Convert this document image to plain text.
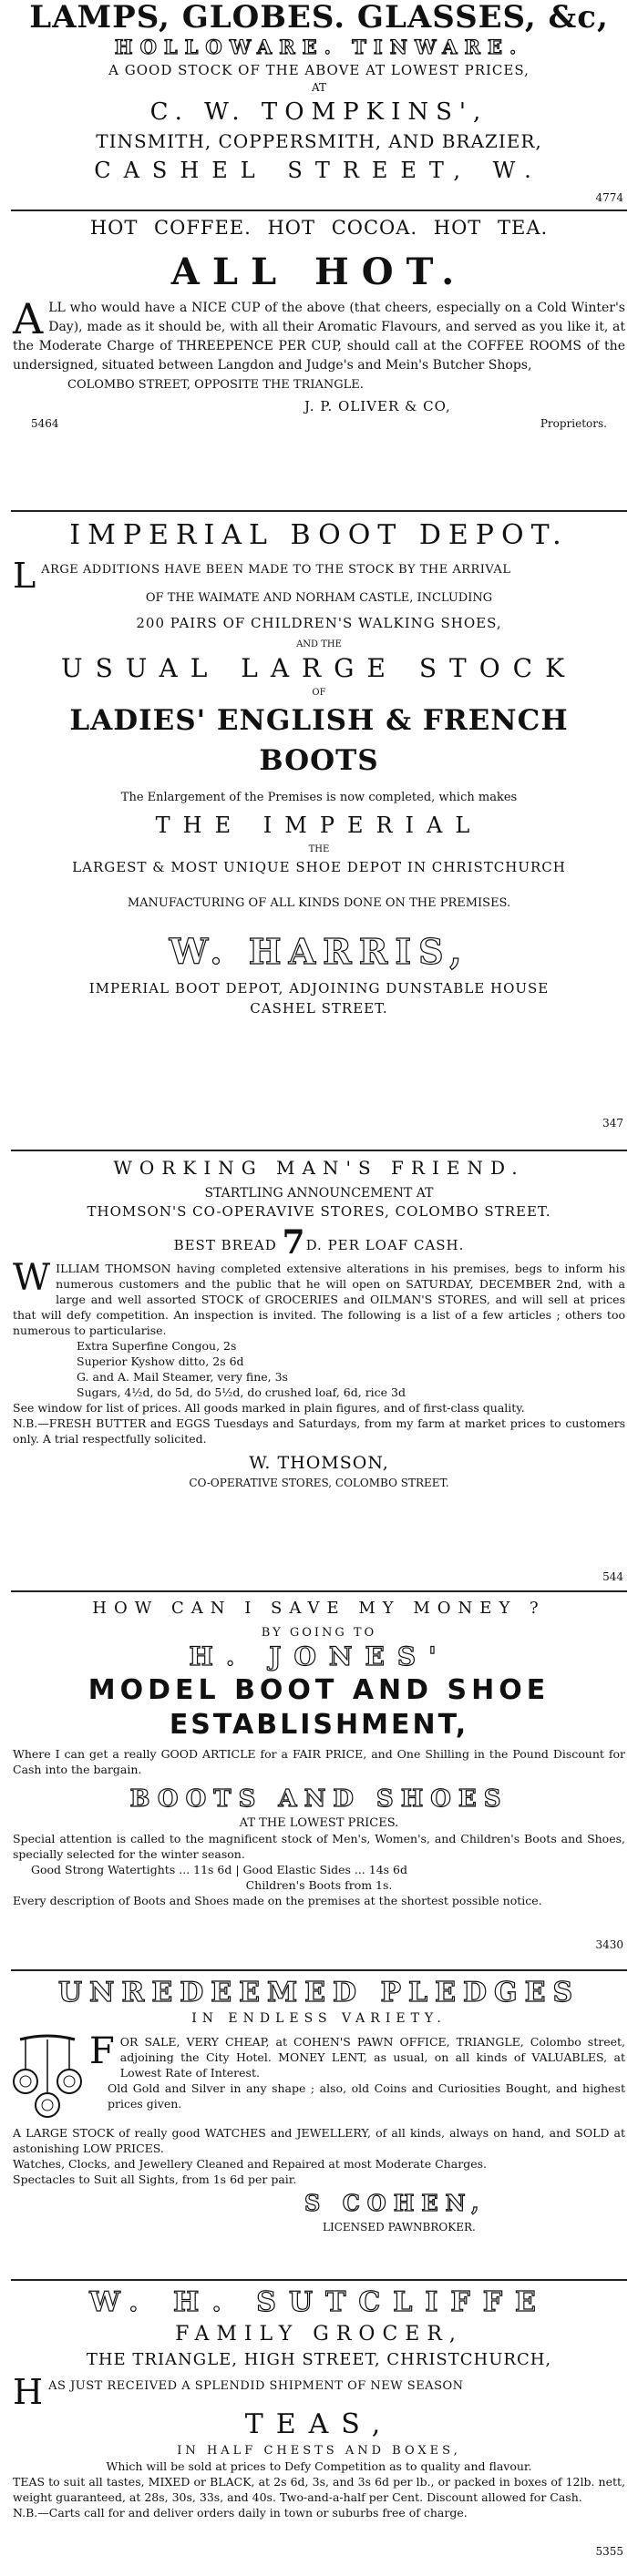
LAMPS, GLOBES. GLASSES, &c,
HOLLOWARE. TINWARE.
A GOOD STOCK OF THE ABOVE AT LOWEST PRICES,
AT
C. W. TOMPKINS',
TINSMITH, COPPERSMITH, AND BRAZIER,
CASHEL STREET, W.
4774
HOT COFFEE. HOT COCOA. HOT TEA.
ALL HOT.
A LL who would have a NICE CUP of the above (that cheers, especially on a Cold Winter's Day), made as it should be, with all their Aromatic Flavours, and served as you like it, at the Moderate Charge of THREEPENCE PER CUP, should call at the COFFEE ROOMS of the undersigned, situated between Langdon and Judge's and Mein's Butcher Shops,
COLOMBO STREET, OPPOSITE THE TRIANGLE.
J. P. OLIVER & CO,
5464	Proprietors.
IMPERIAL BOOT DEPOT.
L ARGE ADDITIONS HAVE BEEN MADE TO THE STOCK BY THE ARRIVAL
OF THE WAIMATE AND NORHAM CASTLE, INCLUDING
200 PAIRS OF CHILDREN'S WALKING SHOES,
AND THE
USUAL LARGE STOCK
OF
LADIES' ENGLISH & FRENCH BOOTS
The Enlargement of the Premises is now completed, which makes
THE IMPERIAL
THE
LARGEST & MOST UNIQUE SHOE DEPOT IN CHRISTCHURCH
MANUFACTURING OF ALL KINDS DONE ON THE PREMISES.
W. HARRIS,
IMPERIAL BOOT DEPOT, ADJOINING DUNSTABLE HOUSE
CASHEL STREET.
347
WORKING MAN'S FRIEND.
STARTLING ANNOUNCEMENT AT
THOMSON'S CO-OPERAVIVE STORES, COLOMBO STREET.
BEST BREAD 7D. PER LOAF CASH.
W ILLIAM THOMSON having completed extensive alterations in his premises, begs to inform his numerous customers and the public that he will open on SATURDAY, DECEMBER 2nd, with a large and well assorted STOCK of GROCERIES and OILMAN'S STORES, and will sell at prices that will defy competition. An inspection is invited. The following is a list of a few articles ; others too numerous to particularise.
Extra Superfine Congou, 2s
Superior Kyshow ditto, 2s 6d
G. and A. Mail Steamer, very fine, 3s
Sugars, 4½d, do 5d, do 5½d, do crushed loaf, 6d, rice 3d
See window for list of prices. All goods marked in plain figures, and of first-class quality.
N.B.—FRESH BUTTER and EGGS Tuesdays and Saturdays, from my farm at market prices to customers only. A trial respectfully solicited.
W. THOMSON,
CO-OPERATIVE STORES, COLOMBO STREET.
544
HOW CAN I SAVE MY MONEY ?
BY GOING TO
H. JONES'
MODEL BOOT AND SHOE
ESTABLISHMENT,
Where I can get a really GOOD ARTICLE for a FAIR PRICE, and One Shilling in the Pound Discount for Cash into the bargain.
BOOTS AND SHOES
AT THE LOWEST PRICES.
Special attention is called to the magnificent stock of Men's, Women's, and Children's Boots and Shoes, specially selected for the winter season.
Good Strong Watertights ... 11s 6d | Good Elastic Sides ... 14s 6d
Children's Boots from 1s.
Every description of Boots and Shoes made on the premises at the shortest possible notice.
3430
UNREDEEMED PLEDGES
IN ENDLESS VARIETY.
F OR SALE, VERY CHEAP, at COHEN'S PAWN OFFICE, TRIANGLE, Colombo street, adjoining the City Hotel. MONEY LENT, as usual, on all kinds of VALUABLES, at Lowest Rate of Interest.
Old Gold and Silver in any shape ; also, old Coins and Curiosities Bought, and highest prices given.
A LARGE STOCK of really good WATCHES and JEWELLERY, of all kinds, always on hand, and SOLD at astonishing LOW PRICES.
Watches, Clocks, and Jewellery Cleaned and Repaired at most Moderate Charges.
Spectacles to Suit all Sights, from 1s 6d per pair.
S COHEN,
LICENSED PAWNBROKER.
W. H. SUTCLIFFE
FAMILY GROCER,
THE TRIANGLE, HIGH STREET, CHRISTCHURCH,
H AS JUST RECEIVED A SPLENDID SHIPMENT OF NEW SEASON
TEAS,
IN HALF CHESTS AND BOXES,
Which will be sold at prices to Defy Competition as to quality and flavour.
TEAS to suit all tastes, MIXED or BLACK, at 2s 6d, 3s, and 3s 6d per lb., or packed in boxes of 12lb. nett, weight guaranteed, at 28s, 30s, 33s, and 40s. Two-and-a-half per Cent. Discount allowed for Cash.
N.B.—Carts call for and deliver orders daily in town or suburbs free of charge.
5355
